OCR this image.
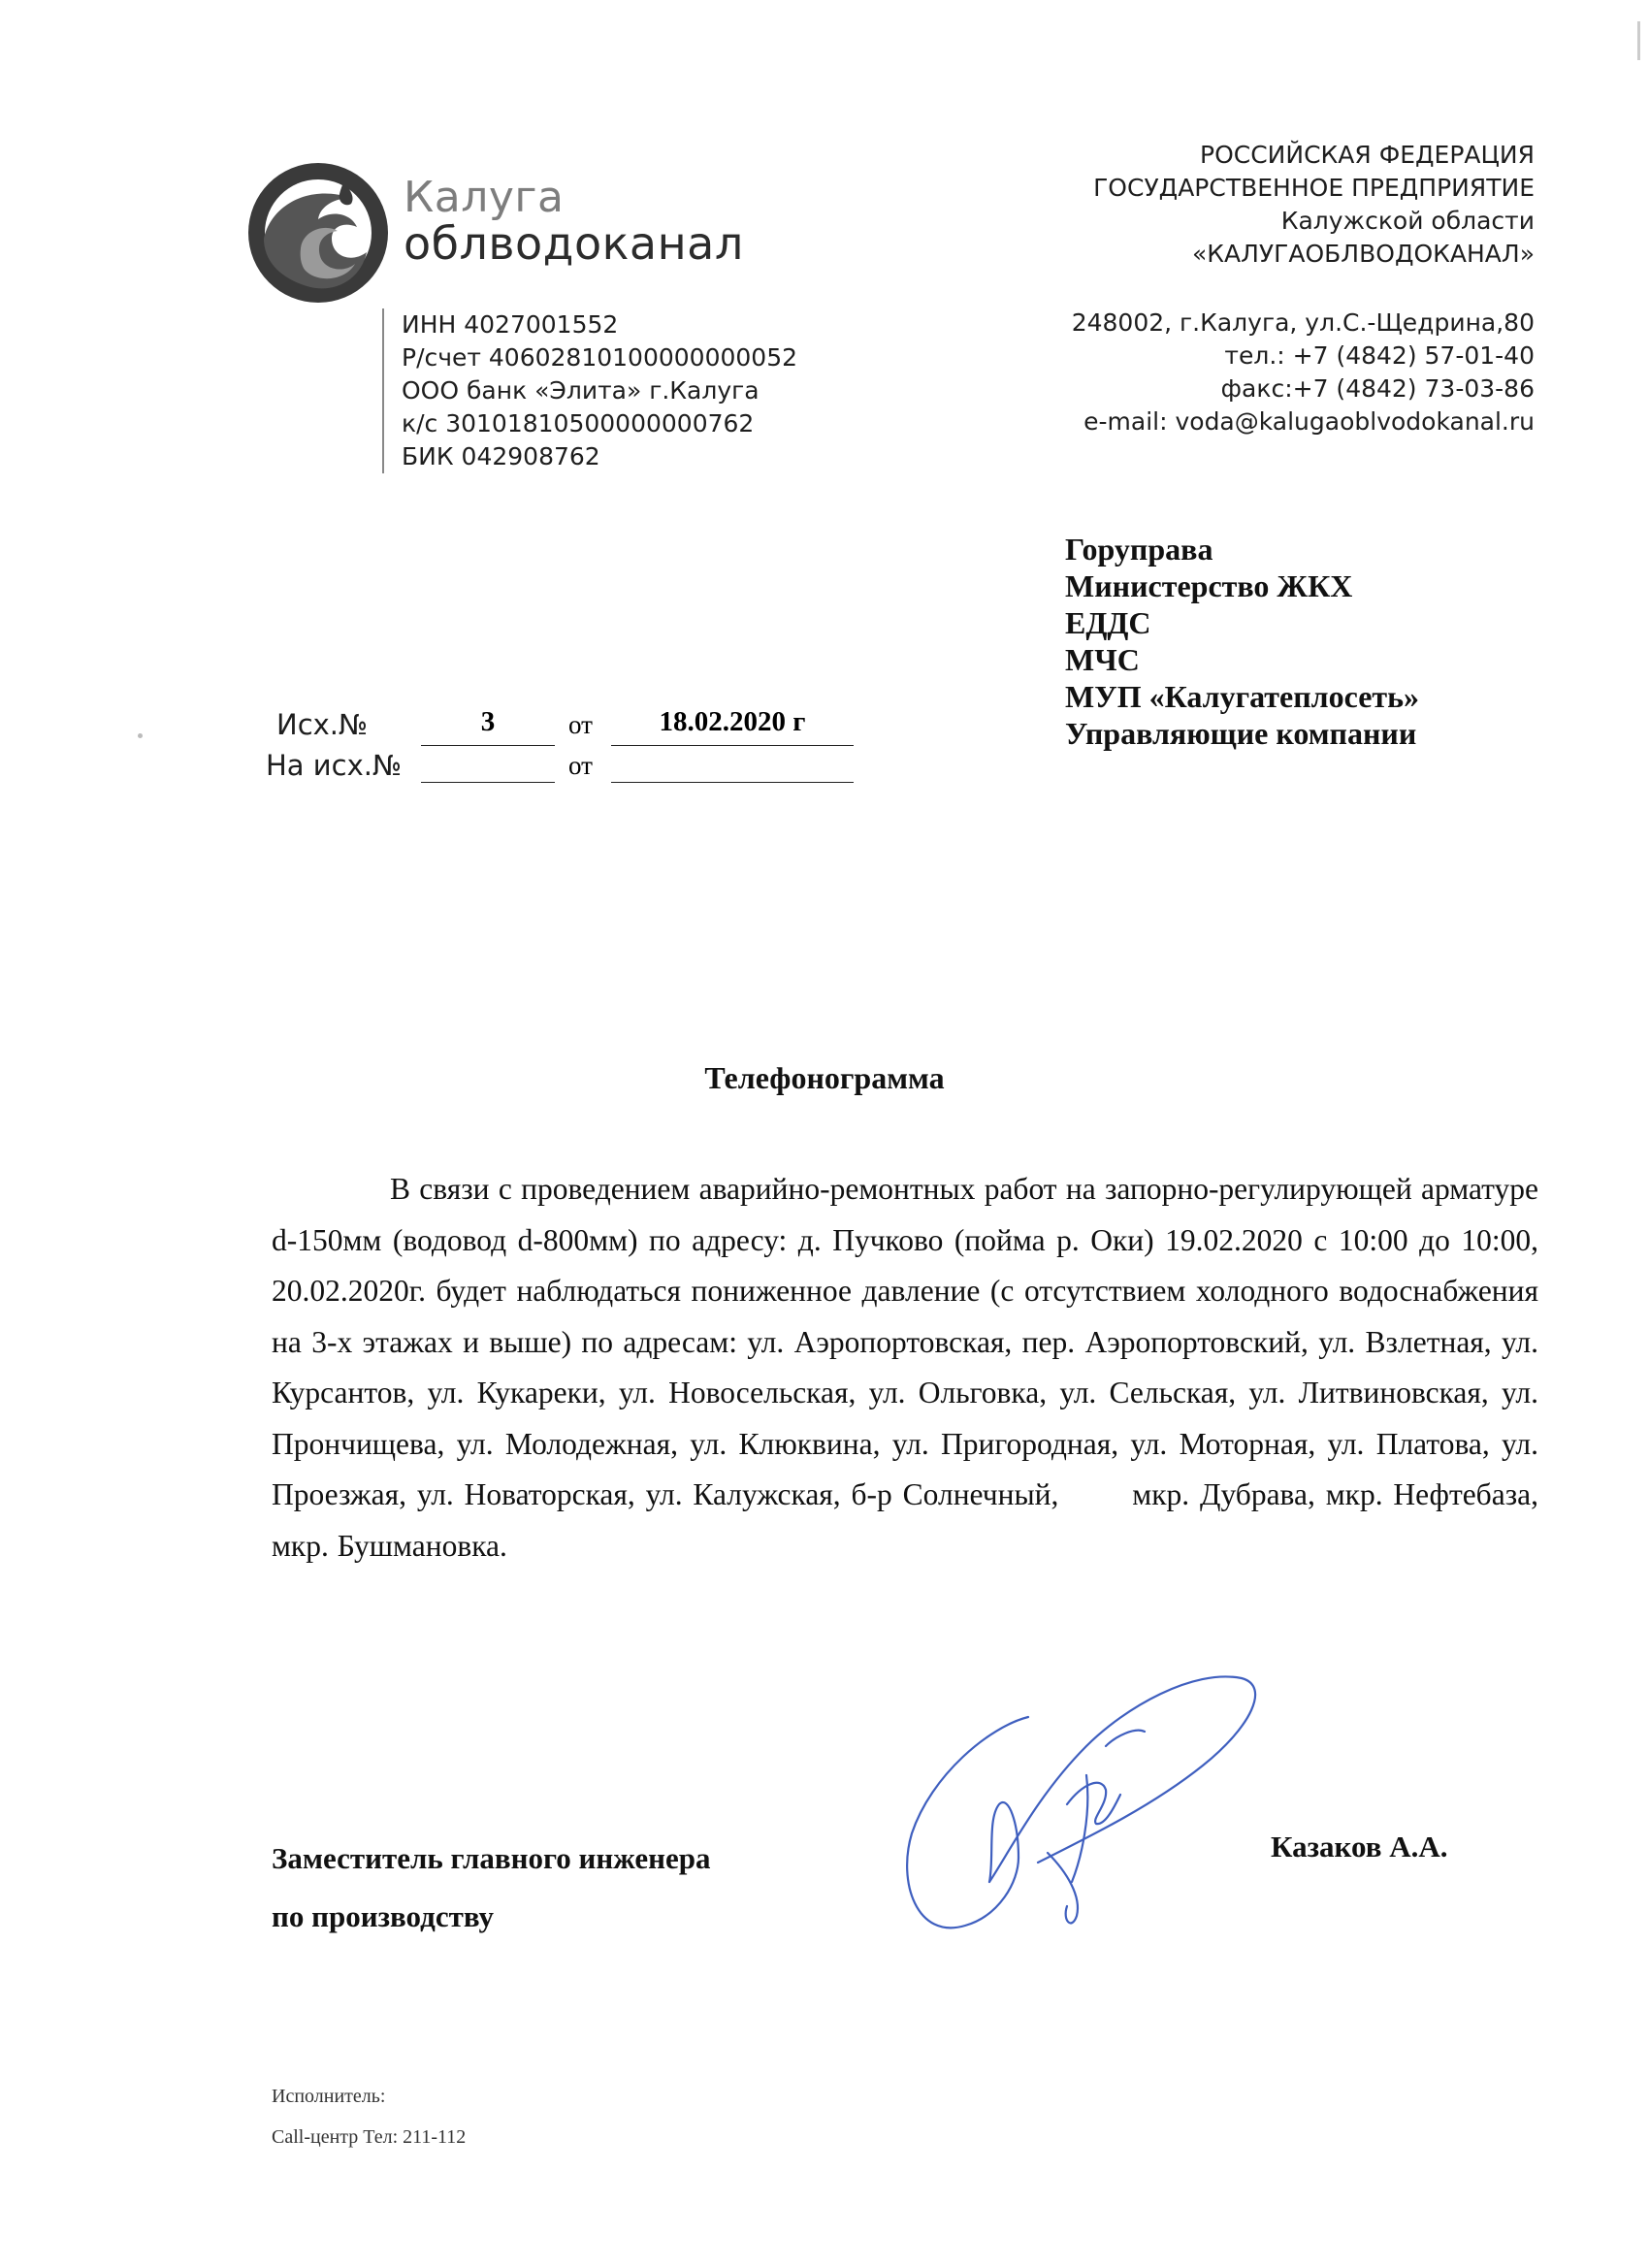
Калуга
облводоканал
ИНН 4027001552
Р/счет 40602810100000000052
ООО банк «Элита» г.Калуга
к/с 30101810500000000762
БИК 042908762
РОССИЙСКАЯ ФЕДЕРАЦИЯ
ГОСУДАРСТВЕННОЕ ПРЕДПРИЯТИЕ
Калужской области
«КАЛУГАОБЛВОДОКАНАЛ»
248002, г.Калуга, ул.С.-Щедрина,80
тел.: +7 (4842) 57-01-40
факс:+7 (4842) 73-03-86
e-mail: voda@kalugaoblvodokanal.ru
Горуправа
Министерство ЖКХ
ЕДДС
МЧС
МУП «Калугатеплосеть»
Управляющие компании
Исх.№	3	от	18.02.2020 г
На исх.№	от
Телефонограмма
В связи с проведением аварийно-ремонтных работ на запорно-регулирующей арматуре d-150мм (водовод d-800мм) по адресу: д. Пучково (пойма р. Оки) 19.02.2020 с 10:00 до 10:00, 20.02.2020г. будет наблюдаться пониженное давление (с отсутствием холодного водоснабжения на 3-х этажах и выше) по адресам: ул. Аэропортовская, пер. Аэропортовский, ул. Взлетная, ул. Курсантов, ул. Кукареки, ул. Новосельская, ул. Ольговка, ул. Сельская, ул. Литвиновская, ул. Прончищева, ул. Молодежная, ул. Клюквина, ул. Пригородная, ул. Моторная, ул. Платова, ул. Проезжая, ул. Новаторская, ул. Калужская, б-р Солнечный,       мкр. Дубрава, мкр. Нефтебаза, мкр. Бушмановка.
Заместитель главного инженера
по производству
Казаков А.А.
Исполнитель:
Call-центр Тел: 211-112
